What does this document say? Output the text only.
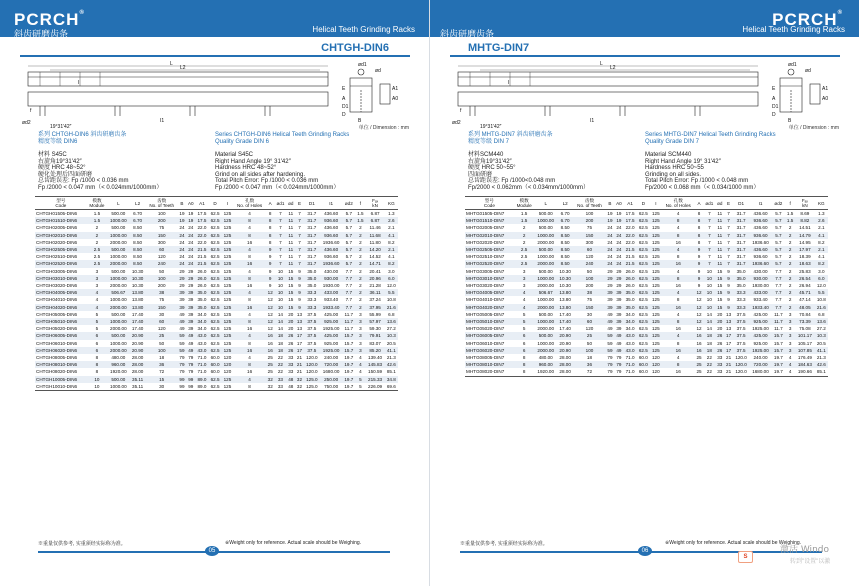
PCRCH®
斜齿研磨齿条	Helical Teeth Grinding Racks
CHTGH-DIN6
L
L2
I
I1
f
ød2
ød1
ød
E
A
D1
D
B
A1
A0
19°31′42″	单位 / Dimension : mm
系列 CHTGH-DIN6 斜齿研磨齿条
精度等级 DIN6
Series CHTGH-DIN6 Helical Teeth Grinding Racks
Quality Grade DIN 6
材料 S45C
右旋角19°31′42″
硬度 HRC 48~52°
硬化处理后四面研磨
总齿距误差: Fp /1000 < 0.036 mm
Fp /2000 < 0.047 mm（< 0.024mm/1000mm）
Material S45C
Right Hand Angle 19° 31′42″
Hardness HRC 48~52°
Grind on all sides after hardening.
Total Pitch Error: Fp /1000 < 0.036 mm
Fp /2000 < 0.047 mm（< 0.024mm/1000mm）
型号
Code	模数
Module	L	L2	齿数
No. of Teeth	B	A0	A1	D	I	孔数
No. of Holes	A	ød1	ød	E	D1	I1	ød2	f	Fₐₓ
kN	KG
CHTGH01505-DIN6	1.5	500.00	6.70	100	19	19	17.5	62.5	125	4	8	7	11	7	31.7	436.60	5.7	1.5	6.87	1.3
CHTGH01510-DIN6	1.5	1000.00	6.70	200	19	19	17.5	62.5	125	8	8	7	11	7	31.7	936.60	5.7	1.5	6.87	2.6
CHTGH02005-DIN6	2	500.00	8.50	75	24	24	22.0	62.5	125	4	8	7	11	7	31.7	436.60	5.7	2	11.46	2.1
CHTGH02010-DIN6	2	1000.00	8.50	150	24	24	22.0	62.5	125	8	8	7	11	7	31.7	936.60	5.7	2	11.68	4.1
CHTGH02020-DIN6	2	2000.00	8.50	300	24	24	22.0	62.5	125	16	8	7	11	7	31.7	1936.60	5.7	2	11.80	8.2
CHTGH02505-DIN6	2.5	500.00	8.50	60	24	24	21.5	62.5	125	4	9	7	11	7	31.7	436.60	5.7	2	14.20	2.1
CHTGH02510-DIN6	2.5	1000.00	8.50	120	24	24	21.5	62.5	125	8	9	7	11	7	31.7	936.60	5.7	2	14.52	4.1
CHTGH02520-DIN6	2.5	2000.00	8.50	240	24	24	21.5	62.5	125	16	9	7	11	7	31.7	1936.60	5.7	2	14.71	8.2
CHTGH03005-DIN6	3	500.00	10.30	50	29	29	26.0	62.5	125	4	9	10	15	9	35.0	430.00	7.7	2	20.41	3.0
CHTGH03010-DIN6	3	1000.00	10.30	100	29	29	26.0	62.5	125	8	9	10	15	9	35.0	930.00	7.7	2	20.96	6.0
CHTGH03020-DIN6	3	2000.00	10.30	200	29	29	26.0	62.5	125	16	9	10	15	9	35.0	1930.00	7.7	2	21.28	12.0
CHTGH04005-DIN6	4	506.67	13.80	38	39	39	35.0	62.5	125	4	12	10	15	9	33.3	433.00	7.7	2	36.11	5.5
CHTGH04010-DIN6	4	1000.00	13.80	75	39	39	35.0	62.5	125	8	12	10	15	9	33.3	933.40	7.7	2	37.24	10.8
CHTGH04020-DIN6	4	2000.00	13.80	150	39	39	35.0	62.5	125	16	12	10	15	9	33.3	1933.40	7.7	2	37.95	21.6
CHTGH05005-DIN6	5	500.00	17.40	30	49	39	34.0	62.5	125	4	12	14	20	13	37.5	425.00	11.7	3	55.99	6.8
CHTGH05010-DIN6	5	1000.00	17.40	60	49	39	34.0	62.5	125	8	12	14	20	13	37.5	925.00	11.7	3	57.97	13.6
CHTGH05020-DIN6	5	2000.00	17.40	120	49	39	34.0	62.5	125	16	12	14	20	13	37.5	1925.00	11.7	3	59.30	27.2
CHTGH06005-DIN6	6	500.00	20.90	25	59	49	43.0	62.5	125	4	16	18	26	17	37.5	425.00	15.7	3	79.91	10.3
CHTGH06010-DIN6	6	1000.00	20.90	50	59	49	43.0	62.5	125	8	16	18	26	17	37.5	925.00	15.7	3	83.07	20.5
CHTGH06020-DIN6	6	2000.00	20.90	100	59	49	43.0	62.5	125	16	16	18	26	17	37.5	1925.00	15.7	3	85.20	41.1
CHTGH08005-DIN6	8	480.00	28.00	18	79	79	71.0	60.0	120	4	25	22	33	21	120.0	240.00	19.7	4	139.40	21.3
CHTGH08010-DIN6	8	960.00	28.00	36	79	79	71.0	60.0	120	8	25	22	33	21	120.0	720.00	19.7	4	145.83	42.6
CHTGH08020-DIN6	8	1920.00	28.00	72	79	79	71.0	60.0	120	16	25	22	33	21	120.0	1680.00	19.7	4	150.59	85.1
CHTGH10005-DIN6	10	500.00	35.11	15	99	99	89.0	62.5	125	4	32	33	48	32	125.0	250.00	19.7	5	215.33	34.8
CHTGH10010-DIN6	10	1000.00	35.11	30	99	99	89.0	62.5	125	8	32	33	48	32	125.0	750.00	19.7	5	226.09	69.6
※重量仅供参考, 实重须经实际称为准。	※Weight only for reference. Actual scale should be Weighing.
05
PCRCH®
斜齿研磨齿条	Helical Teeth Grinding Racks
MHTG-DIN7
L
L2
I
I1
f
ød2
ød1
ød
E
A
D1
D
B
A1
A0
19°31′42″	单位 / Dimension : mm
系列 MHTG-DIN7 斜齿研磨齿条
精度等级 DIN 7
Series MHTG-DIN7 Helical Teeth Grinding Racks
Quality Grade DIN 7
材料SCM440
右旋角19°31′42″
硬度 HRC 50~55°
四面研磨
总齿距误差: Fp /1000<0.048 mm
Fp/2000 < 0.062mm（< 0.034mm/1000mm）
Material SCM440
Right Hand Angle 19° 31′42″
Hardness HRC 50~55
Grinding on all sides.
Total Pitch Error: Fp /1000 < 0.048 mm
Fp/2000 < 0.068 mm（< 0.034/1000 mm）
型号
Code	模数
Module	L	L2	齿数
No. of Teeth	B	A0	A1	D	I	孔数
No. of Holes	A	ød1	ød	E	D1	I1	ød2	f	Fₐₓ
kN	KG
MHTG01505-DIN7	1.5	500.00	6.70	100	19	19	17.5	62.5	125	4	8	7	11	7	31.7	436.60	5.7	1.5	8.69	1.3
MHTG01510-DIN7	1.5	1000.00	6.70	200	19	19	17.5	62.5	125	8	8	7	11	7	31.7	936.60	5.7	1.5	8.82	2.6
MHTG02005-DIN7	2	500.00	8.50	75	24	24	22.0	62.5	125	4	8	7	11	7	31.7	436.60	5.7	2	14.51	2.1
MHTG02010-DIN7	2	1000.00	8.50	150	24	24	22.0	62.5	125	8	8	7	11	7	31.7	936.60	5.7	2	14.79	4.1
MHTG02020-DIN7	2	2000.00	8.50	300	24	24	22.0	62.5	125	16	8	7	11	7	31.7	1936.60	5.7	2	14.95	8.2
MHTG02505-DIN7	2.5	500.00	8.50	60	24	24	21.5	62.5	125	4	9	7	11	7	31.7	436.60	5.7	2	17.97	2.1
MHTG02510-DIN7	2.5	1000.00	8.50	120	24	24	21.5	62.5	125	8	9	7	11	7	31.7	936.60	5.7	2	18.39	4.1
MHTG02520-DIN7	2.5	2000.00	8.50	240	24	24	21.5	62.5	125	16	9	7	11	7	31.7	1936.60	5.7	2	18.63	8.2
MHTG03005-DIN7	3	500.00	10.30	50	29	29	26.0	62.5	125	4	9	10	15	9	35.0	430.00	7.7	2	25.83	3.0
MHTG03010-DIN7	3	1000.00	10.30	100	29	29	26.0	62.5	125	8	9	10	15	9	35.0	930.00	7.7	2	26.54	6.0
MHTG03020-DIN7	3	2000.00	10.30	200	29	29	26.0	62.5	125	16	9	10	15	9	35.0	1930.00	7.7	2	26.94	12.0
MHTG04005-DIN7	4	506.67	13.80	38	39	39	35.0	62.5	125	4	12	10	15	9	33.3	433.00	7.7	2	45.71	5.5
MHTG04010-DIN7	4	1000.00	13.80	75	39	39	35.0	62.5	125	8	12	10	15	9	33.3	933.40	7.7	2	47.14	10.8
MHTG04020-DIN7	4	2000.00	13.80	150	39	39	35.0	62.5	125	16	12	10	15	9	33.3	1933.40	7.7	2	48.05	21.6
MHTG05005-DIN7	5	500.00	17.40	30	49	39	34.0	62.5	125	4	12	14	20	13	37.5	425.00	11.7	3	70.84	6.8
MHTG05010-DIN7	5	1000.00	17.40	60	49	39	34.0	62.5	125	8	12	14	20	13	37.5	925.00	11.7	3	73.39	13.6
MHTG05020-DIN7	5	2000.00	17.40	120	49	39	34.0	62.5	125	16	12	14	20	13	37.5	1925.00	11.7	3	75.08	27.2
MHTG06005-DIN7	6	500.00	20.90	25	59	49	43.0	62.5	125	4	16	18	26	17	37.5	425.00	15.7	3	101.17	10.3
MHTG06010-DIN7	6	1000.00	20.90	50	59	49	43.0	62.5	125	8	16	18	26	17	37.5	925.00	15.7	3	105.17	20.5
MHTG06020-DIN7	6	2000.00	20.90	100	59	49	43.0	62.5	125	16	16	18	26	17	37.5	1925.00	15.7	3	107.85	41.1
MHTG08005-DIN7	8	480.00	28.00	18	79	79	71.0	60.0	120	4	25	22	33	21	120.0	240.00	19.7	4	176.49	21.3
MHTG08010-DIN7	8	960.00	28.00	36	79	79	71.0	60.0	120	8	25	22	33	21	120.0	720.00	19.7	4	184.63	42.6
MHTG08020-DIN7	8	1920.00	28.00	72	79	79	71.0	60.0	120	16	25	22	33	21	120.0	1680.00	19.7	4	190.66	85.1
※重量仅供参考, 实重须经实际称为准。	※Weight only for reference. Actual scale should be Weighing.
06
S
激活 Windo
转到"设置"以激
